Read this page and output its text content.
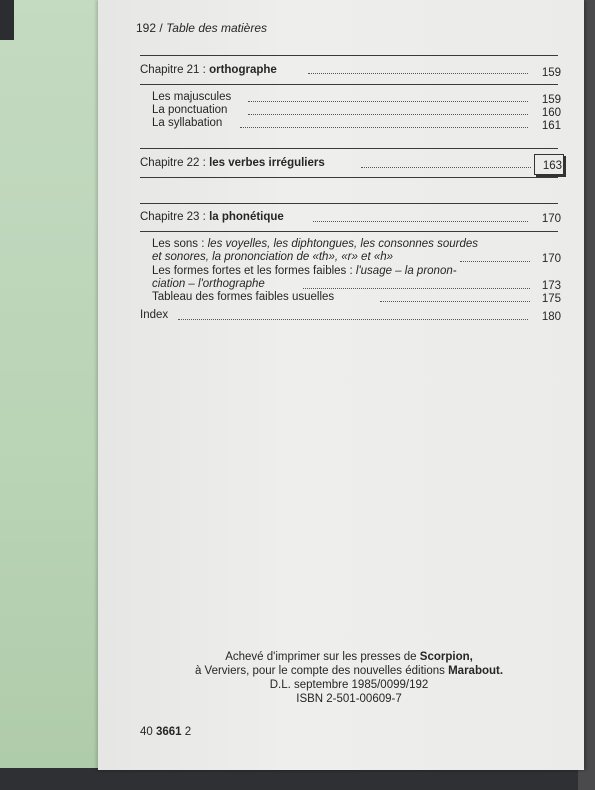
192 / Table des matières
Chapitre 21 : orthographe	159
Les majuscules	159
La ponctuation	160
La syllabation	161
Chapitre 22 : les verbes irréguliers	163
Chapitre 23 : la phonétique	170
Les sons : les voyelles, les diphtongues, les consonnes sourdes
et sonores, la prononciation de «th», «r» et «h»	170
Les formes fortes et les formes faibles : l'usage – la pronon-
ciation – l'orthographe	173
Tableau des formes faibles usuelles	175
Index	180
Achevé d'imprimer sur les presses de Scorpion,
à Verviers, pour le compte des nouvelles éditions Marabout.
D.L. septembre 1985/0099/192
ISBN 2-501-00609-7
40 3661 2
